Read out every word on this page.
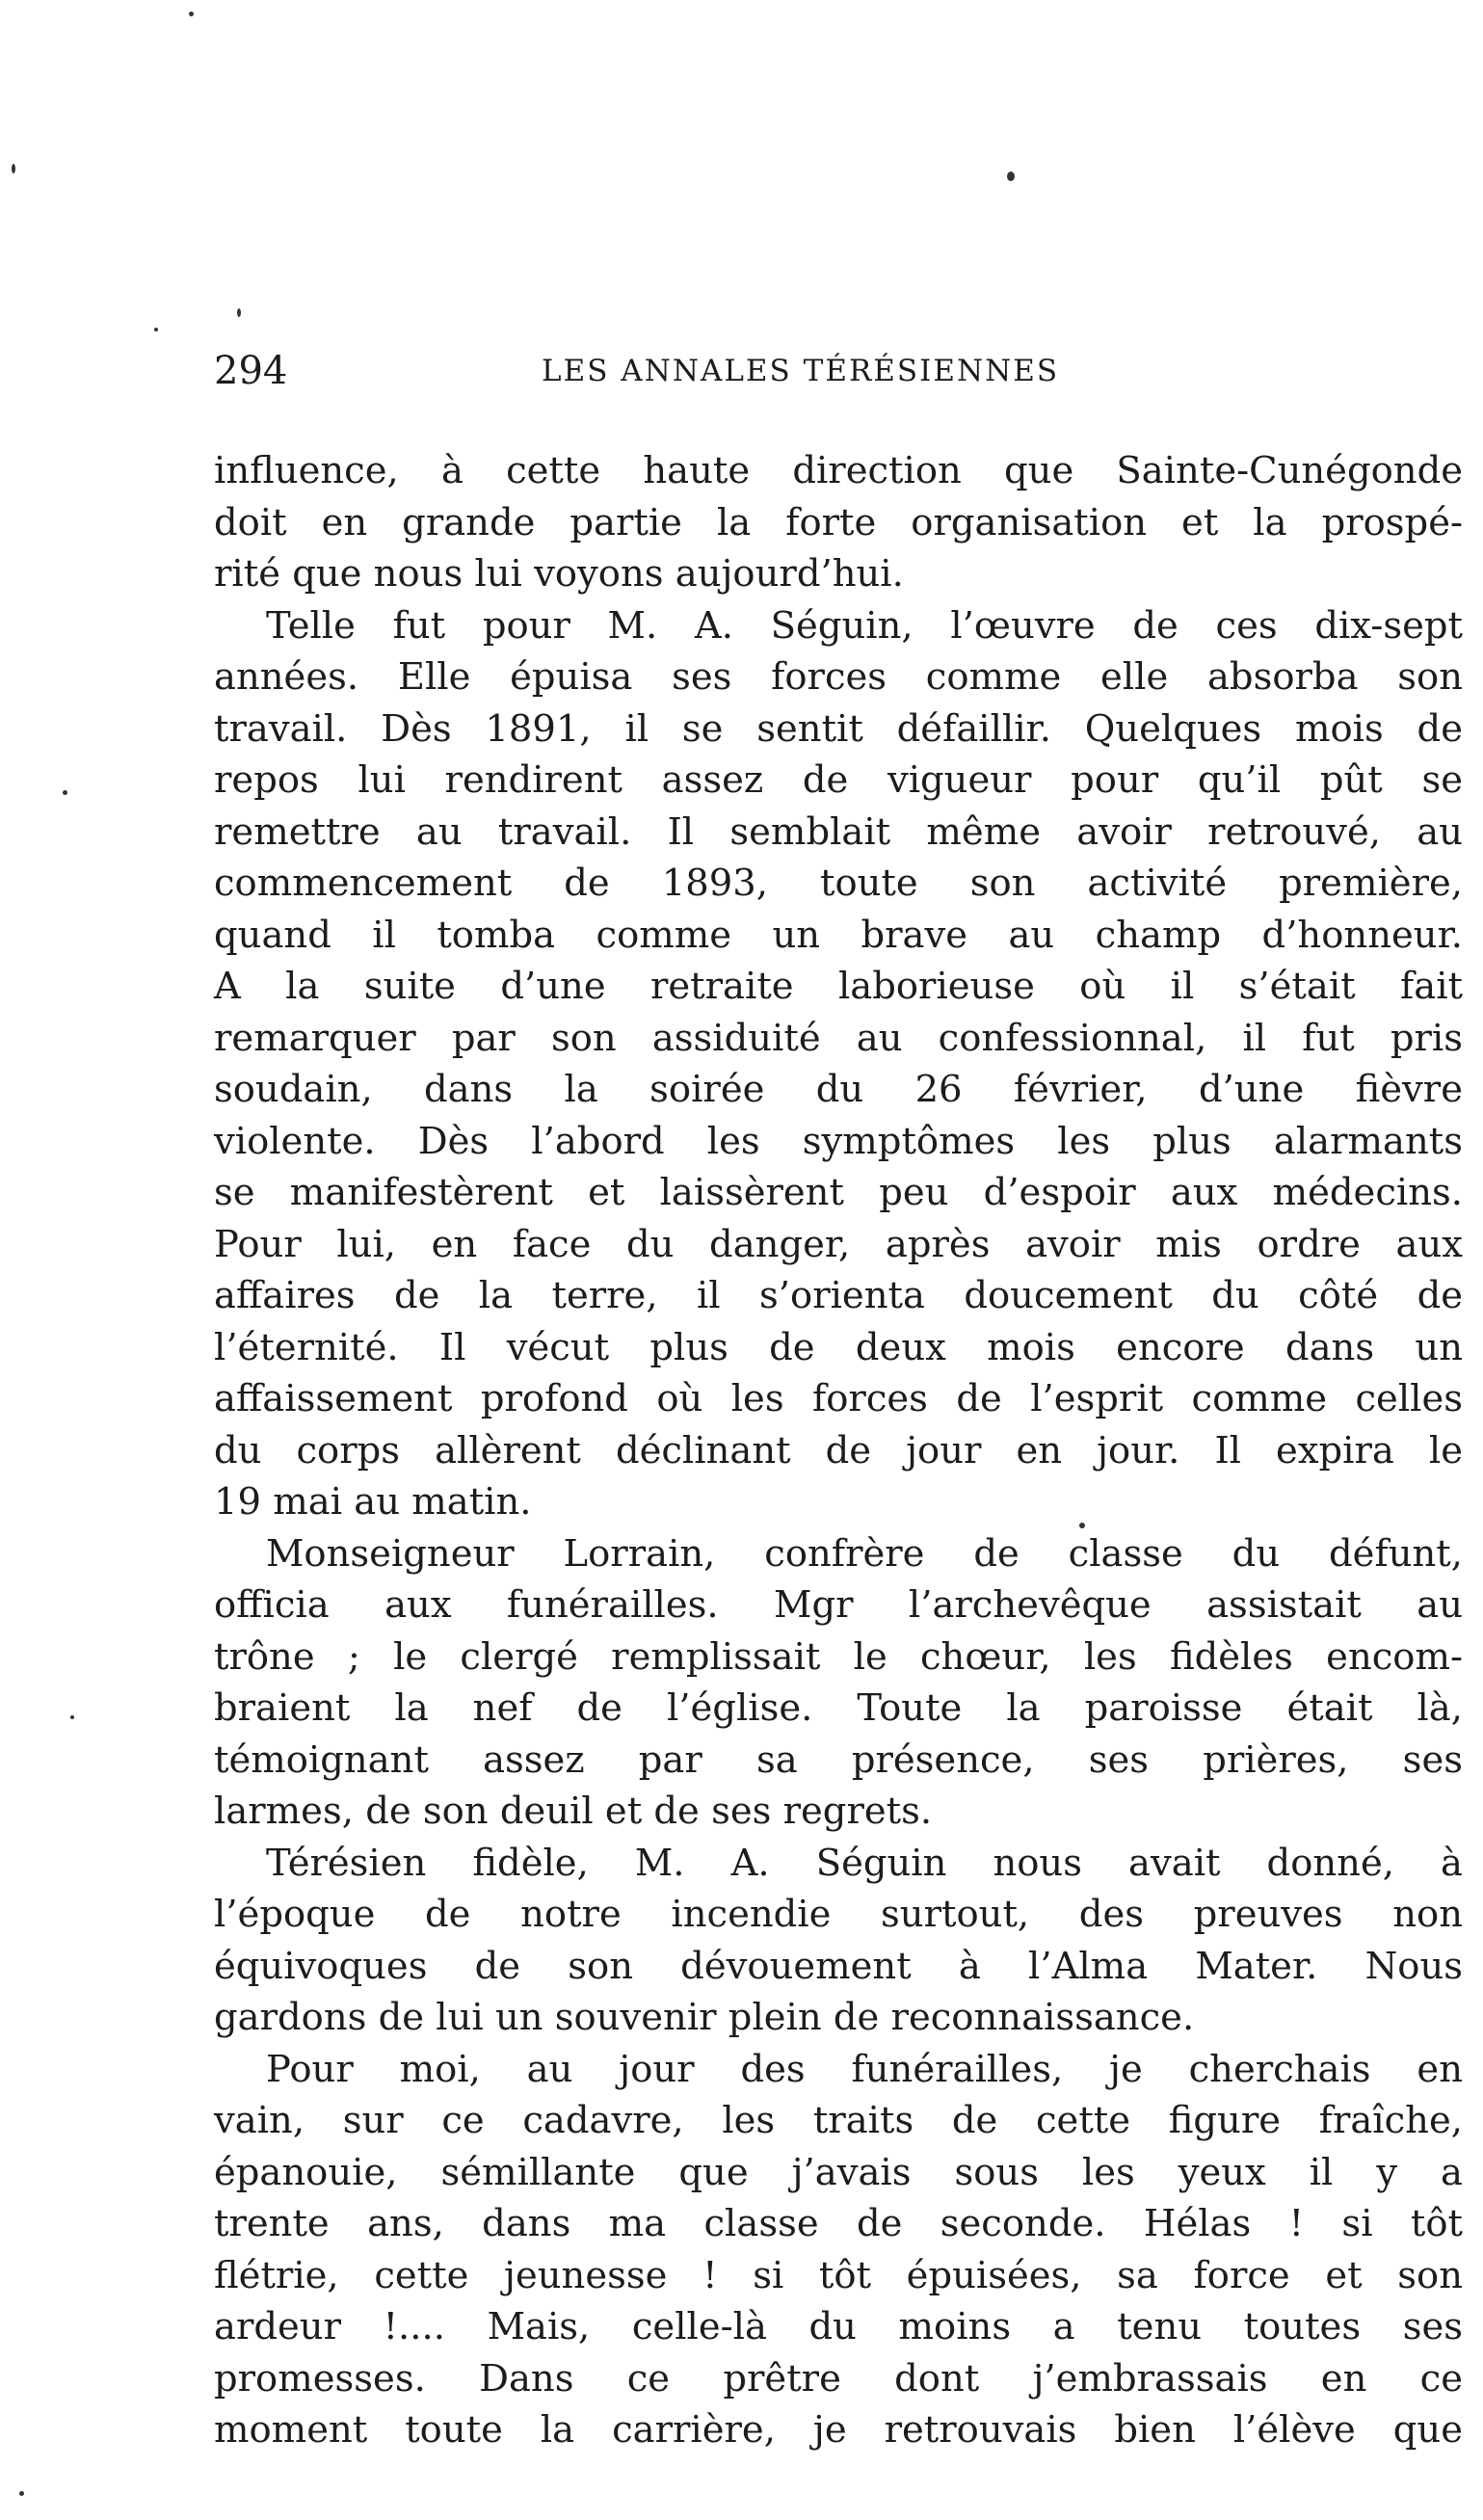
294	LES ANNALES TÉRÉSIENNES
influence, à cette haute direction que Sainte-Cunégonde
doit en grande partie la forte organisation et la prospé-
rité que nous lui voyons aujourd’hui.
Telle fut pour M. A. Séguin, l’œuvre de ces dix-sept
années. Elle épuisa ses forces comme elle absorba son
travail. Dès 1891, il se sentit défaillir. Quelques mois de
repos lui rendirent assez de vigueur pour qu’il pût se
remettre au travail. Il semblait même avoir retrouvé, au
commencement de 1893, toute son activité première,
quand il tomba comme un brave au champ d’honneur.
A la suite d’une retraite laborieuse où il s’était fait
remarquer par son assiduité au confessionnal, il fut pris
soudain, dans la soirée du 26 février, d’une fièvre
violente. Dès l’abord les symptômes les plus alarmants
se manifestèrent et laissèrent peu d’espoir aux médecins.
Pour lui, en face du danger, après avoir mis ordre aux
affaires de la terre, il s’orienta doucement du côté de
l’éternité. Il vécut plus de deux mois encore dans un
affaissement profond où les forces de l’esprit comme celles
du corps allèrent déclinant de jour en jour. Il expira le
19 mai au matin.
Monseigneur Lorrain, confrère de classe du défunt,
officia aux funérailles. Mgr l’archevêque assistait au
trône ; le clergé remplissait le chœur, les fidèles encom-
braient la nef de l’église. Toute la paroisse était là,
témoignant assez par sa présence, ses prières, ses
larmes, de son deuil et de ses regrets.
Térésien fidèle, M. A. Séguin nous avait donné, à
l’époque de notre incendie surtout, des preuves non
équivoques de son dévouement à l’Alma Mater. Nous
gardons de lui un souvenir plein de reconnaissance.
Pour moi, au jour des funérailles, je cherchais en
vain, sur ce cadavre, les traits de cette figure fraîche,
épanouie, sémillante que j’avais sous les yeux il y a
trente ans, dans ma classe de seconde. Hélas ! si tôt
flétrie, cette jeunesse ! si tôt épuisées, sa force et son
ardeur !.... Mais, celle-là du moins a tenu toutes ses
promesses. Dans ce prêtre dont j’embrassais en ce
moment toute la carrière, je retrouvais bien l’élève que
